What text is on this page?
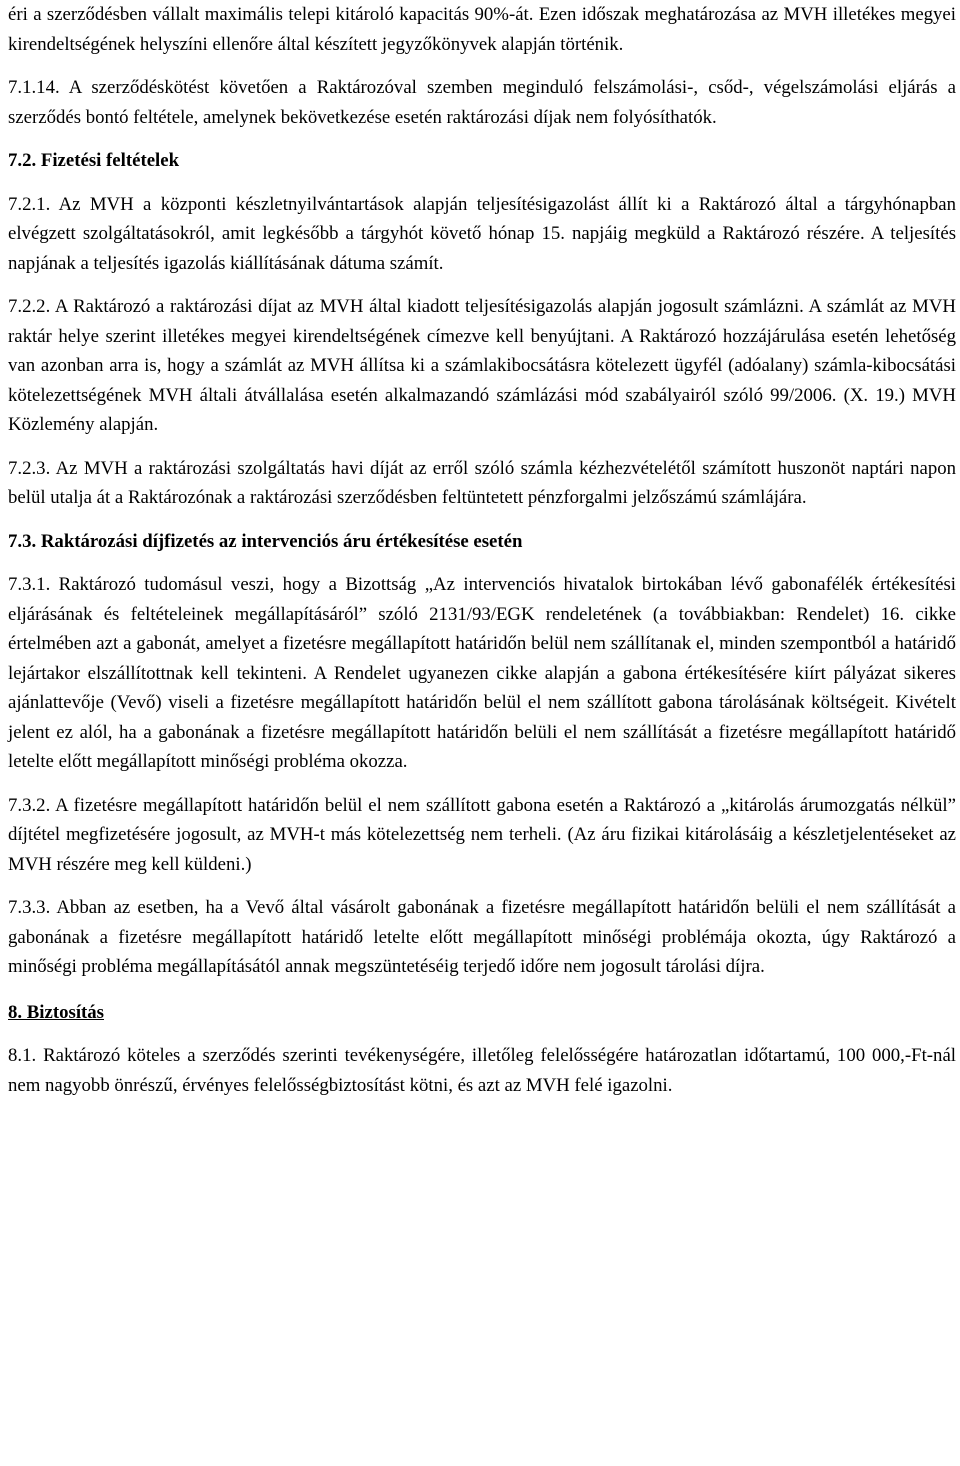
éri a szerződésben vállalt maximális telepi kitároló kapacitás 90%-át. Ezen időszak meghatározása az MVH illetékes megyei kirendeltségének helyszíni ellenőre által készített jegyzőkönyvek alapján történik.

7.1.14. A szerződéskötést követően a Raktározóval szemben meginduló felszámolási-, csőd-, végelszámolási eljárás a szerződés bontó feltétele, amelynek bekövetkezése esetén raktározási díjak nem folyósíthatók.

7.2. Fizetési feltételek

7.2.1. Az MVH a központi készletnyilvántartások alapján teljesítésigazolást állít ki a Raktározó által a tárgyhónapban elvégzett szolgáltatásokról, amit legkésőbb a tárgyhót követő hónap 15. napjáig megküld a Raktározó részére. A teljesítés napjának a teljesítés igazolás kiállításának dátuma számít.

7.2.2. A Raktározó a raktározási díjat az MVH által kiadott teljesítésigazolás alapján jogosult számlázni. A számlát az MVH raktár helye szerint illetékes megyei kirendeltségének címezve kell benyújtani. A Raktározó hozzájárulása esetén lehetőség van azonban arra is, hogy a számlát az MVH állítsa ki a számlakibocsátásra kötelezett ügyfél (adóalany) számla-kibocsátási kötelezettségének MVH általi átvállalása esetén alkalmazandó számlázási mód szabályairól szóló 99/2006. (X. 19.) MVH Közlemény alapján.

7.2.3. Az MVH a raktározási szolgáltatás havi díját az erről szóló számla kézhezvételétől számított huszonöt naptári napon belül utalja át a Raktározónak a raktározási szerződésben feltüntetett pénzforgalmi jelzőszámú számlájára.

7.3. Raktározási díjfizetés az intervenciós áru értékesítése esetén

7.3.1. Raktározó tudomásul veszi, hogy a Bizottság „Az intervenciós hivatalok birtokában lévő gabonafélék értékesítési eljárásának és feltételeinek megállapításáról” szóló 2131/93/EGK rendeletének (a továbbiakban: Rendelet) 16. cikke értelmében azt a gabonát, amelyet a fizetésre megállapított határidőn belül nem szállítanak el, minden szempontból a határidő lejártakor elszállítottnak kell tekinteni. A Rendelet ugyanezen cikke alapján a gabona értékesítésére kiírt pályázat sikeres ajánlattevője (Vevő) viseli a fizetésre megállapított határidőn belül el nem szállított gabona tárolásának költségeit. Kivételt jelent ez alól, ha a gabonának a fizetésre megállapított határidőn belüli el nem szállítását a fizetésre megállapított határidő letelte előtt megállapított minőségi probléma okozza.

7.3.2. A fizetésre megállapított határidőn belül el nem szállított gabona esetén a Raktározó a „kitárolás árumozgatás nélkül” díjtétel megfizetésére jogosult, az MVH-t más kötelezettség nem terheli. (Az áru fizikai kitárolásáig a készletjelentéseket az MVH részére meg kell küldeni.)

7.3.3. Abban az esetben, ha a Vevő által vásárolt gabonának a fizetésre megállapított határidőn belüli el nem szállítását a gabonának a fizetésre megállapított határidő letelte előtt megállapított minőségi problémája okozta, úgy Raktározó a minőségi probléma megállapításától annak megszüntetéséig terjedő időre nem jogosult tárolási díjra.

8. Biztosítás

8.1. Raktározó köteles a szerződés szerinti tevékenységére, illetőleg felelősségére határozatlan időtartamú, 100 000,-Ft-nál nem nagyobb önrészű, érvényes felelősségbiztosítást kötni, és azt az MVH felé igazolni.
